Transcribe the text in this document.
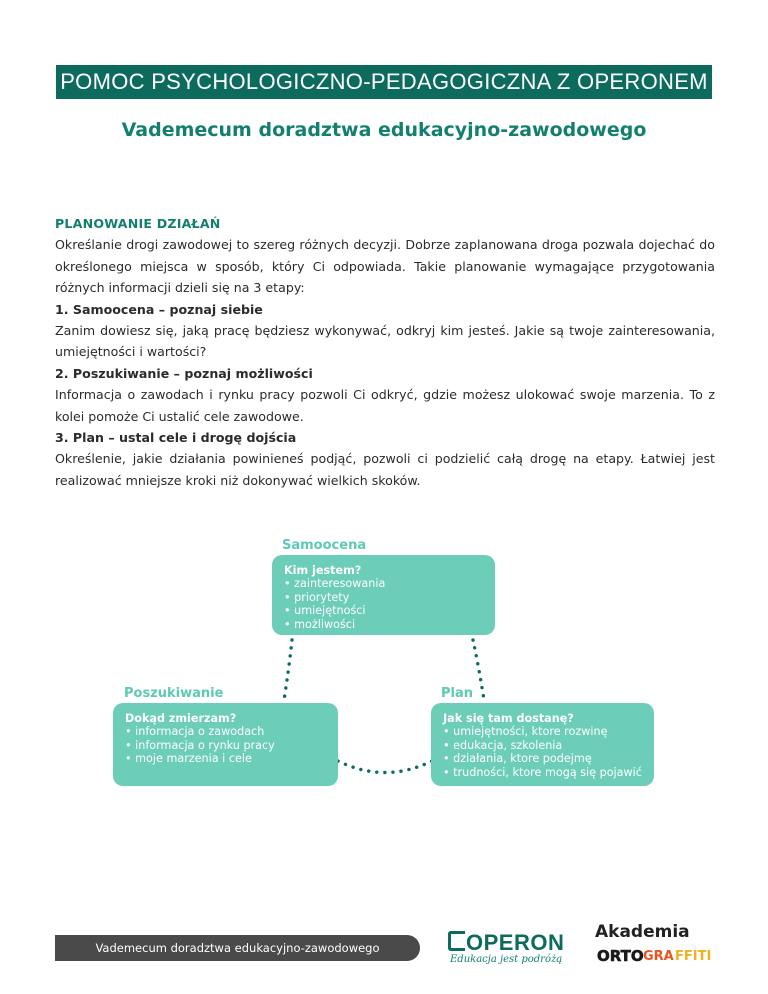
POMOC PSYCHOLOGICZNO-PEDAGOGICZNA Z OPERONEM
Vademecum doradztwa edukacyjno-zawodowego
PLANOWANIE DZIAŁAŃ

Określanie drogi zawodowej to szereg różnych decyzji. Dobrze zaplanowana droga pozwala dojechać do określonego miejsca w sposób, który Ci odpowiada. Takie planowanie wymagające przygotowania różnych informacji dzieli się na 3 etapy:

1. Samoocena – poznaj siebie

Zanim dowiesz się, jaką pracę będziesz wykonywać, odkryj kim jesteś. Jakie są twoje zainteresowania, umiejętności i wartości?

2. Poszukiwanie – poznaj możliwości

Informacja o zawodach i rynku pracy pozwoli Ci odkryć, gdzie możesz ulokować swoje marzenia. To z kolei pomoże Ci ustalić cele zawodowe.

3. Plan – ustal cele i drogę dojścia

Określenie, jakie działania powinieneś podjąć, pozwoli ci podzielić całą drogę na etapy. Łatwiej jest realizować mniejsze kroki niż dokonywać wielkich skoków.

Samoocena
Kim jestem?
• zainteresowania
• priorytety
• umiejętności
• możliwości
Poszukiwanie
Dokąd zmierzam?
• informacja o zawodach
• informacja o rynku pracy
• moje marzenia i cele
Plan
Jak się tam dostanę?
• umiejętności, ktore rozwinę
• edukacja, szkolenia
• działania, ktore podejmę
• trudności, ktore mogą się pojawić
Vademecum doradztwa edukacyjno-zawodowego	OPERON
Edukacja jest podróżą
Akademia
ORTO GRA FFITI
